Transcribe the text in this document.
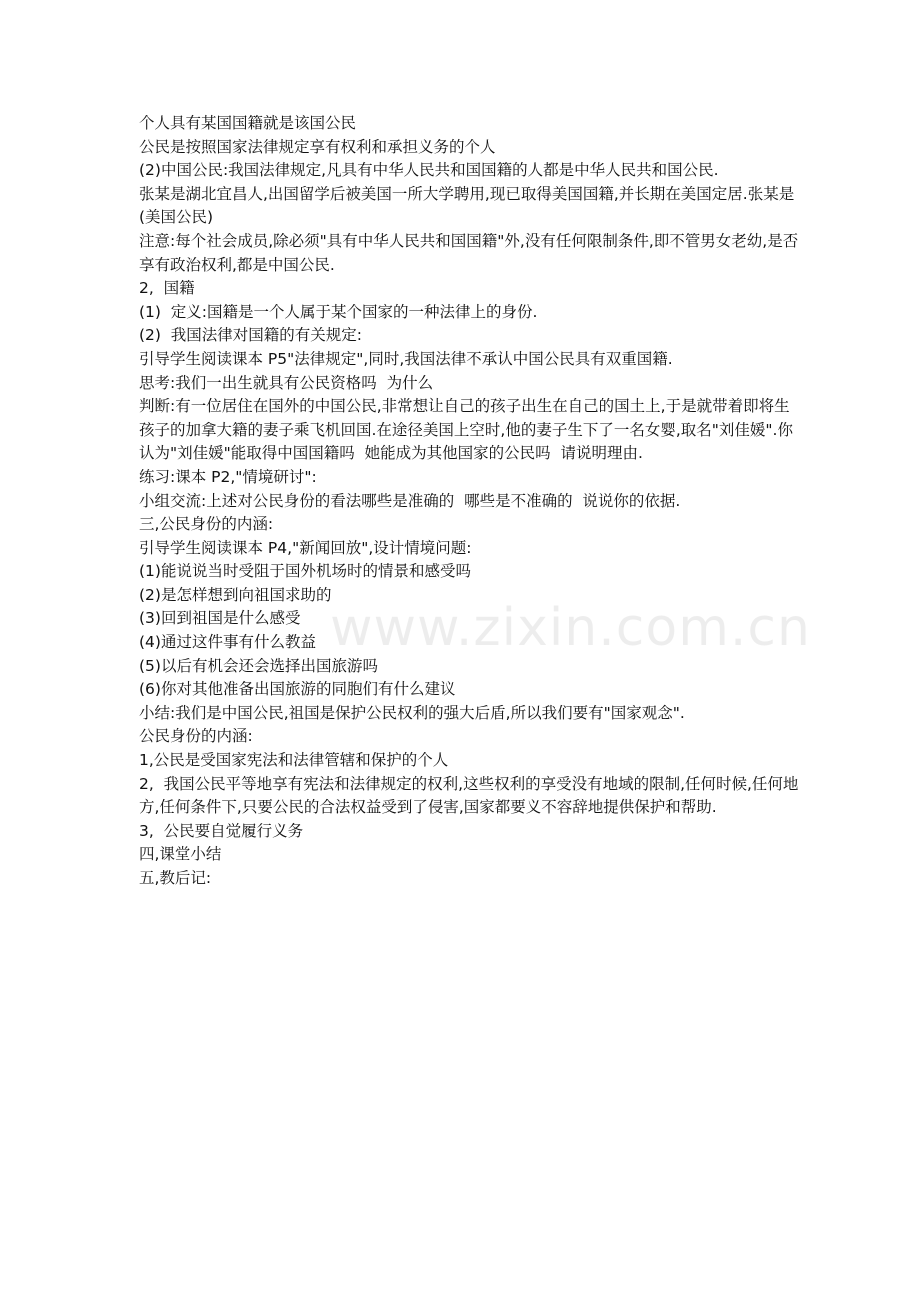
www.zixin.com.cn

个人具有某国国籍就是该国公民

公民是按照国家法律规定享有权利和承担义务的个人

(2)中国公民:我国法律规定,凡具有中华人民共和国国籍的人都是中华人民共和国公民.

张某是湖北宜昌人,出国留学后被美国一所大学聘用,现已取得美国国籍,并长期在美国定居.张某是  (美国公民)

注意:每个社会成员,除必须"具有中华人民共和国国籍"外,没有任何限制条件,即不管男女老幼,是否享有政治权利,都是中国公民.

2,  国籍

(1)  定义:国籍是一个人属于某个国家的一种法律上的身份.

(2)  我国法律对国籍的有关规定:

引导学生阅读课本 P5"法律规定",同时,我国法律不承认中国公民具有双重国籍.

思考:我们一出生就具有公民资格吗  为什么

判断:有一位居住在国外的中国公民,非常想让自己的孩子出生在自己的国土上,于是就带着即将生孩子的加拿大籍的妻子乘飞机回国.在途径美国上空时,他的妻子生下了一名女婴,取名"刘佳媛".你认为"刘佳媛"能取得中国国籍吗  她能成为其他国家的公民吗  请说明理由.

练习:课本 P2,"情境研讨":

小组交流:上述对公民身份的看法哪些是准确的  哪些是不准确的  说说你的依据.

三,公民身份的内涵:

引导学生阅读课本 P4,"新闻回放",设计情境问题:

(1)能说说当时受阻于国外机场时的情景和感受吗

(2)是怎样想到向祖国求助的

(3)回到祖国是什么感受

(4)通过这件事有什么教益

(5)以后有机会还会选择出国旅游吗

(6)你对其他准备出国旅游的同胞们有什么建议

小结:我们是中国公民,祖国是保护公民权利的强大后盾,所以我们要有"国家观念".

公民身份的内涵:

1,公民是受国家宪法和法律管辖和保护的个人

2,  我国公民平等地享有宪法和法律规定的权利,这些权利的享受没有地域的限制,任何时候,任何地方,任何条件下,只要公民的合法权益受到了侵害,国家都要义不容辞地提供保护和帮助.

3,  公民要自觉履行义务

四,课堂小结

五,教后记:
